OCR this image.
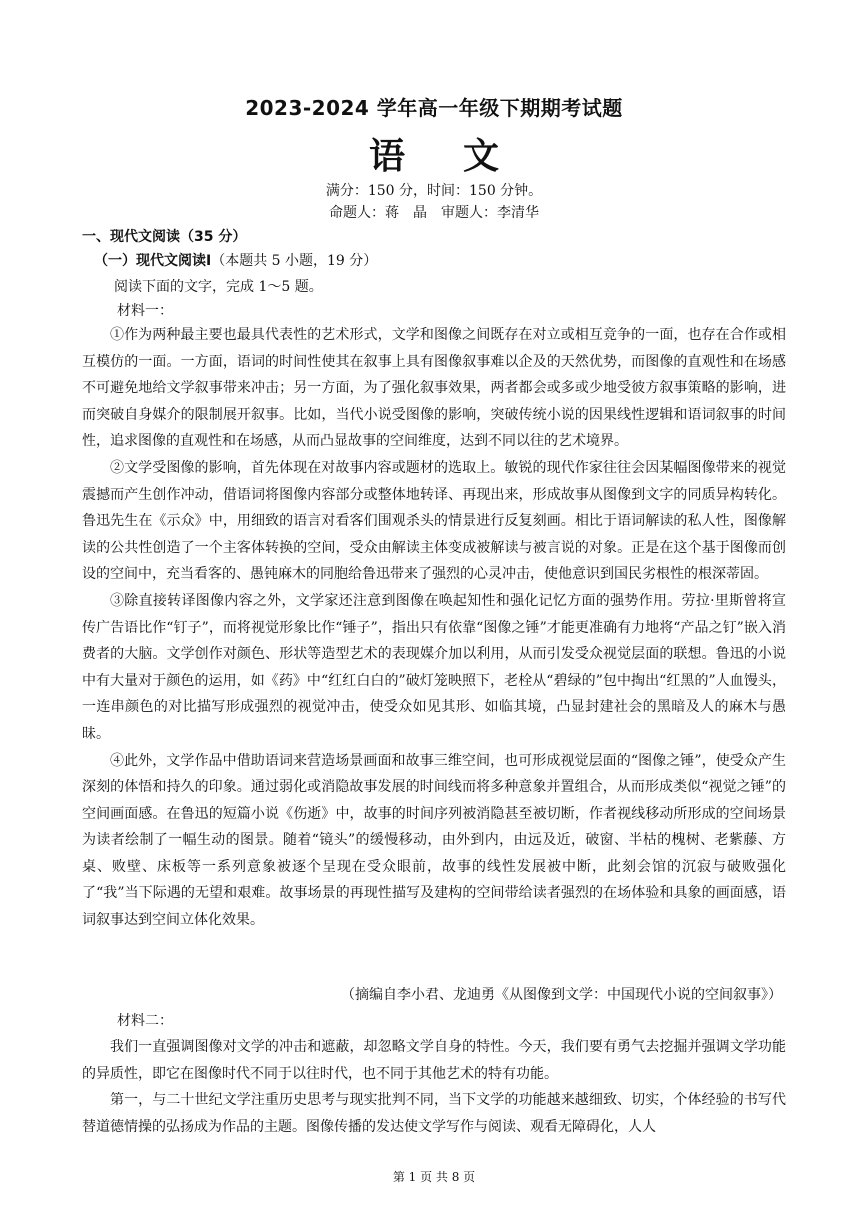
2023-2024 学年高一年级下期期考试题
语文
满分：150 分，时间：150 分钟。
命题人：蒋　晶　审题人：李清华
一、现代文阅读（35 分）
（一）现代文阅读Ⅰ（本题共 5 小题，19 分）
阅读下面的文字，完成 1～5 题。
材料一：

①作为两种最主要也最具代表性的艺术形式，文学和图像之间既存在对立或相互竞争的一面，也存在合作或相互模仿的一面。一方面，语词的时间性使其在叙事上具有图像叙事难以企及的天然优势，而图像的直观性和在场感不可避免地给文学叙事带来冲击；另一方面，为了强化叙事效果，两者都会或多或少地受彼方叙事策略的影响，进而突破自身媒介的限制展开叙事。比如，当代小说受图像的影响，突破传统小说的因果线性逻辑和语词叙事的时间性，追求图像的直观性和在场感，从而凸显故事的空间维度，达到不同以往的艺术境界。

②文学受图像的影响，首先体现在对故事内容或题材的选取上。敏锐的现代作家往往会因某幅图像带来的视觉震撼而产生创作冲动，借语词将图像内容部分或整体地转译、再现出来，形成故事从图像到文字的同质异构转化。鲁迅先生在《示众》中，用细致的语言对看客们围观杀头的情景进行反复刻画。相比于语词解读的私人性，图像解读的公共性创造了一个主客体转换的空间，受众由解读主体变成被解读与被言说的对象。正是在这个基于图像而创设的空间中，充当看客的、愚钝麻木的同胞给鲁迅带来了强烈的心灵冲击，使他意识到国民劣根性的根深蒂固。

③除直接转译图像内容之外，文学家还注意到图像在唤起知性和强化记忆方面的强势作用。劳拉·里斯曾将宣传广告语比作“钉子”，而将视觉形象比作“锤子”，指出只有依靠“图像之锤”才能更准确有力地将“产品之钉”嵌入消费者的大脑。文学创作对颜色、形状等造型艺术的表现媒介加以利用，从而引发受众视觉层面的联想。鲁迅的小说中有大量对于颜色的运用，如《药》中“红红白白的”破灯笼映照下，老栓从“碧绿的”包中掏出“红黑的”人血馒头，一连串颜色的对比描写形成强烈的视觉冲击，使受众如见其形、如临其境，凸显封建社会的黑暗及人的麻木与愚昧。

④此外，文学作品中借助语词来营造场景画面和故事三维空间，也可形成视觉层面的“图像之锤”，使受众产生深刻的体悟和持久的印象。通过弱化或消隐故事发展的时间线而将多种意象并置组合，从而形成类似“视觉之锤”的空间画面感。在鲁迅的短篇小说《伤逝》中，故事的时间序列被消隐甚至被切断，作者视线移动所形成的空间场景为读者绘制了一幅生动的图景。随着“镜头”的缓慢移动，由外到内，由远及近，破窗、半枯的槐树、老紫藤、方桌、败壁、床板等一系列意象被逐个呈现在受众眼前，故事的线性发展被中断，此刻会馆的沉寂与破败强化了“我”当下际遇的无望和艰难。故事场景的再现性描写及建构的空间带给读者强烈的在场体验和具象的画面感，语词叙事达到空间立体化效果。

（摘编自李小君、龙迪勇《从图像到文学：中国现代小说的空间叙事》）
材料二：

我们一直强调图像对文学的冲击和遮蔽，却忽略文学自身的特性。今天，我们要有勇气去挖掘并强调文学功能的异质性，即它在图像时代不同于以往时代，也不同于其他艺术的特有功能。

第一，与二十世纪文学注重历史思考与现实批判不同，当下文学的功能越来越细致、切实，个体经验的书写代替道德情操的弘扬成为作品的主题。图像传播的发达使文学写作与阅读、观看无障碍化，人人

第 1 页 共 8 页
